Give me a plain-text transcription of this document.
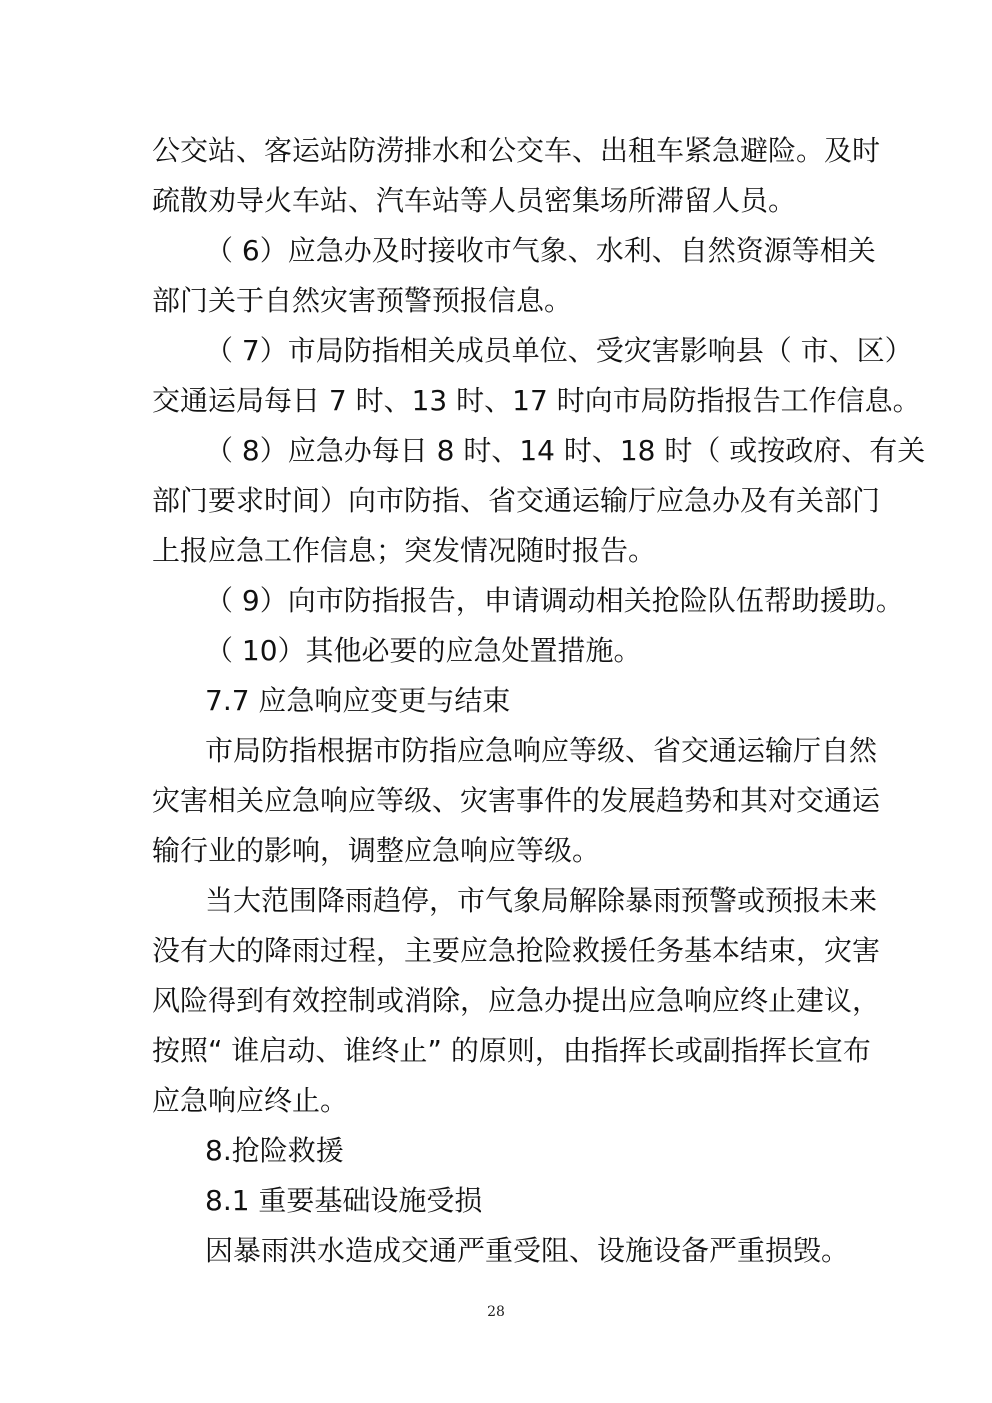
公交站、客运站防涝排水和公交车、出租车紧急避险。及时
疏散劝导火车站、汽车站等人员密集场所滞留人员。
（ 6）应急办及时接收市气象、水利、自然资源等相关
部门关于自然灾害预警预报信息。
（ 7）市局防指相关成员单位、受灾害影响县（ 市、区）
交通运局每日 7 时、13 时、17 时向市局防指报告工作信息。
（ 8）应急办每日 8 时、14 时、18 时（ 或按政府、有关
部门要求时间）向市防指、省交通运输厅应急办及有关部门
上报应急工作信息；突发情况随时报告。
（ 9）向市防指报告，申请调动相关抢险队伍帮助援助。
（ 10）其他必要的应急处置措施。
7.7 应急响应变更与结束
市局防指根据市防指应急响应等级、省交通运输厅自然
灾害相关应急响应等级、灾害事件的发展趋势和其对交通运
输行业的影响，调整应急响应等级。
当大范围降雨趋停，市气象局解除暴雨预警或预报未来
没有大的降雨过程，主要应急抢险救援任务基本结束，灾害
风险得到有效控制或消除，应急办提出应急响应终止建议，
按照“ 谁启动、谁终止” 的原则，由指挥长或副指挥长宣布
应急响应终止。
8.抢险救援
8.1 重要基础设施受损
因暴雨洪水造成交通严重受阻、设施设备严重损毁。
28
